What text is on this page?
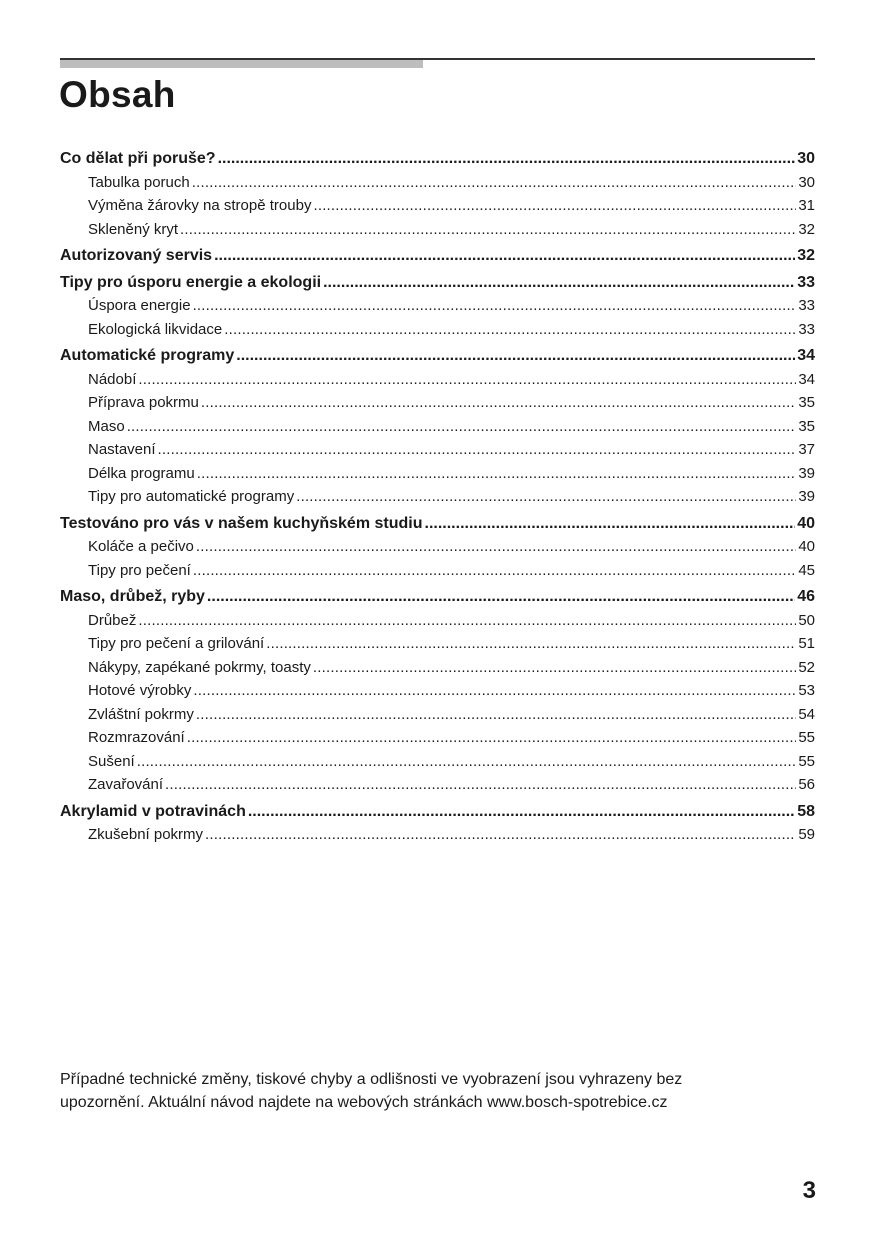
Obsah
Co dělat při poruše? .....	30
Tabulka poruch .....	30
Výměna žárovky na stropě trouby .....	31
Skleněný kryt .....	32
Autorizovaný servis .....	32
Tipy pro úsporu energie a ekologii .....	33
Úspora energie .....	33
Ekologická likvidace .....	33
Automatické programy .....	34
Nádobí .....	34
Příprava pokrmu .....	35
Maso .....	35
Nastavení .....	37
Délka programu .....	39
Tipy pro automatické programy .....	39
Testováno pro vás v našem kuchyňském studiu .....	40
Koláče a pečivo .....	40
Tipy pro pečení .....	45
Maso, drůbež, ryby .....	46
Drůbež .....	50
Tipy pro pečení a grilování .....	51
Nákypy, zapékané pokrmy, toasty .....	52
Hotové výrobky .....	53
Zvláštní pokrmy .....	54
Rozmrazování .....	55
Sušení .....	55
Zavařování .....	56
Akrylamid v potravinách .....	58
Zkušební pokrmy .....	59

Případné technické změny, tiskové chyby a odlišnosti ve vyobrazení jsou vyhrazeny bez
upozornění. Aktuální návod najdete na webových stránkách www.bosch-spotrebice.cz

3
